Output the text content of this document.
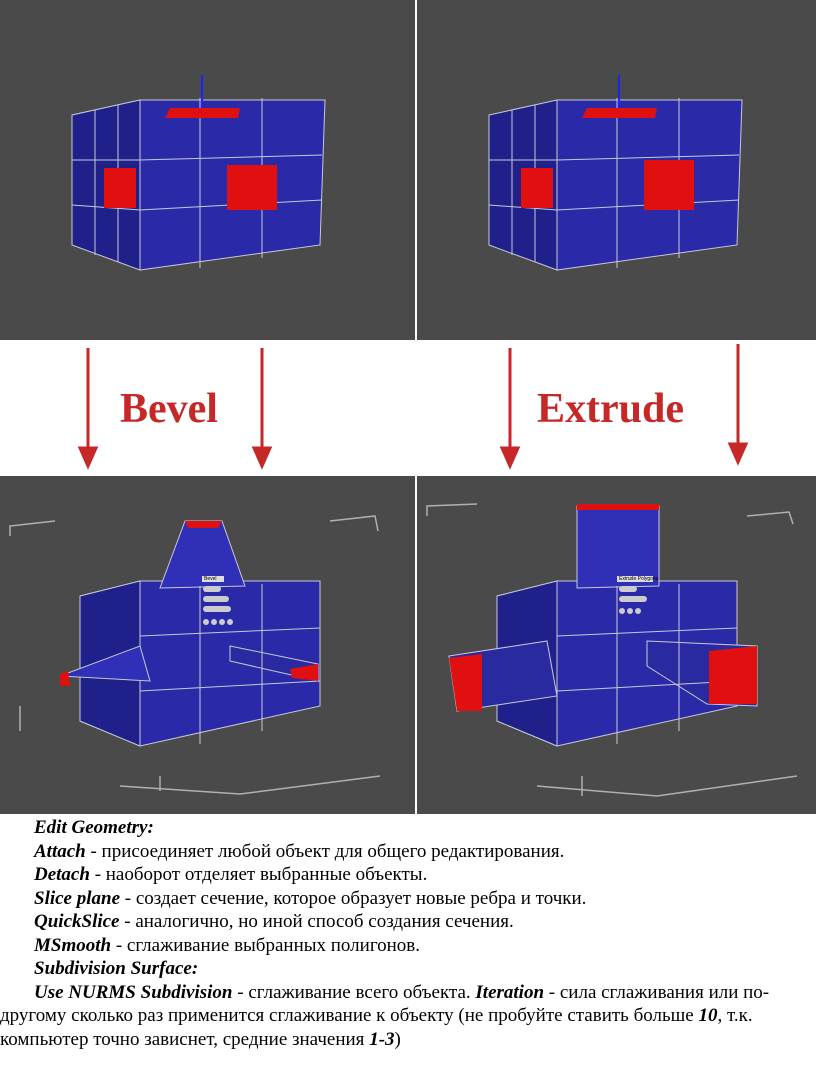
Bevel	Extrude
Bevel	Extrude Polygons

Edit Geometry:

Attach - присоединяет любой объект для общего редактирования.

Detach - наоборот отделяет выбранные объекты.

Slice plane - создает сечение, которое образует новые ребра и точки.

QuickSlice - аналогично, но иной способ создания сечения.

MSmooth - сглаживание выбранных полигонов.

Subdivision Surface:

Use NURMS Subdivision - сглаживание всего объекта. Iteration - сила сглаживания или по-другому сколько раз применится сглаживание к объекту (не пробуйте ставить больше 10, т.к. компьютер точно зависнет, средние значения 1-3)
